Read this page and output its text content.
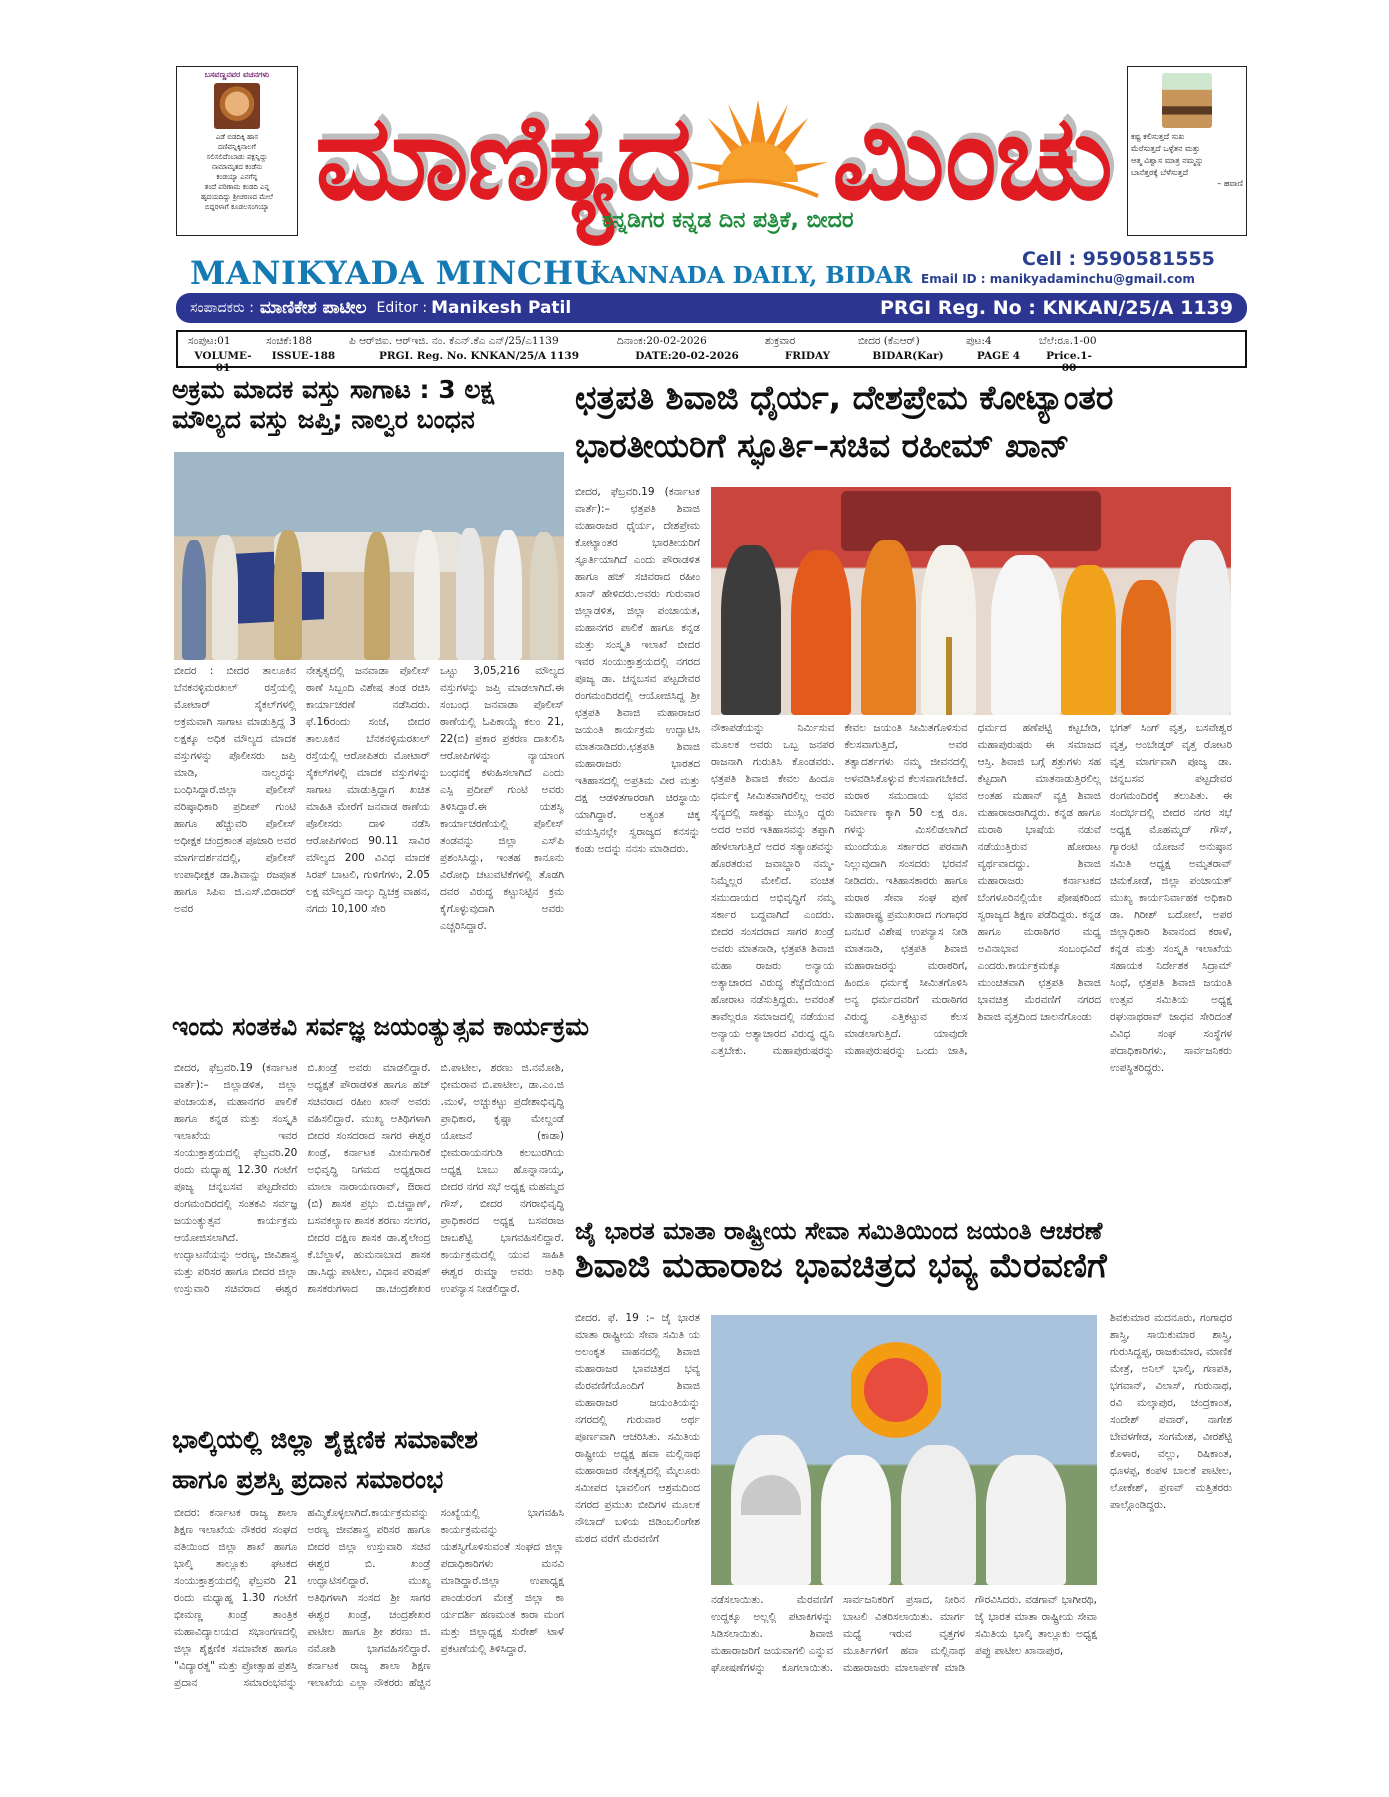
ಬಸವಣ್ಣನವರ ವಚನಗಳು
ಎಡೆ ಬಿಡದಿಕ್ಕಿ ಹಾಸ
ದಣಿವನ್ನಿಕ್ಕಿನಾಲಗೆ
ಸಲಿಸಲಿದೆಂಬಾಡು ಪಕ್ಷನ್ನಿದ್ದು
ನಾಮಾಮೃತದ ಕಂಡೆನು
ಕಂಡಯ್ಯಾ ಎನಗೆನ್ನ
ತಂದೆ ಪರಿಣಾಮ ಕಂಡದಿ ಎನ್ನ
ಹೃದಯದಿದ್ದು ಶ್ರೀಚರಣದ ಮೇಲೆ
ಬಿದ್ದರಳಾಗೆ ಕೂಡಲಸಂಗಯ್ಯಾ ಮಾಣಿಕ್ಯದ ಮಿಂಚು
ಕನ್ನಡಿಗರ ಕನ್ನಡ ದಿನ ಪತ್ರಿಕೆ, ಬೀದರ
ಕಷ್ಟ ಕಲಿಸುತ್ತದೆ ಸುಖ
ಮೆರೆಸುತ್ತದೆ ಒಳ್ಳೆತನ ಮತ್ತು
ಆತ್ಮ ವಿಶ್ವಾಸ ಮಾತ್ರ ನಮ್ಮನ್ನು
ಬಾನೆತ್ತರಕ್ಕೆ ಬೆಳೆಸುತ್ತದೆ
– ಹವಾಣಿ
MANIKYADA MINCHU
KANNADA DAILY, BIDAR
Cell : 9590581555
Email ID : manikyadaminchu@gmail.com
ಸಂಪಾದಕರು : ಮಾಣಿಕೇಶ ಪಾಟೀಲ Editor : Manikesh Patil	PRGI Reg. No : KNKAN/25/A 1139
ಸಂಪುಟ:01	ಸಂಚಿಕೆ:188	ಪಿ ಆರ್‌ಜಿಐ. ಆರ್‌ಇಜಿ. ನಂ. ಕೆಎನ್.ಕೆಎ ಎನ್/25/ಎ1139	ದಿನಾಂಕ:20-02-2026	ಶುಕ್ರವಾರ	ಬೀದರ (ಕೆಎಆರ್)	ಪುಟ:4	ಬೆಲೆ:ರೂ.1-00
VOLUME-01
ISSUE-188	PRGI. Reg. No. KNKAN/25/A 1139	DATE:20-02-2026	FRIDAY	BIDAR(Kar)	PAGE 4	Price.1-00
ಅಕ್ರಮ ಮಾದಕ ವಸ್ತು ಸಾಗಾಟ : 3 ಲಕ್ಷ
ಮೌಲ್ಯದ ವಸ್ತು ಜಪ್ತಿ; ನಾಲ್ವರ ಬಂಧನ
ಬೀದರ : ಬೀದರ ತಾಲೂಕಿನ ಬೆನಕನಳ್ಳಿಮರಖಲ್ ರಸ್ತೆಯಲ್ಲಿ ಮೋಟಾರ್ ಸೈಕಲ್‌ಗಳಲ್ಲಿ ಅಕ್ರಮವಾಗಿ ಸಾಗಾಟ ಮಾಡುತ್ತಿದ್ದ 3 ಲಕ್ಷಕ್ಕೂ ಅಧಿಕ ಮೌಲ್ಯದ ಮಾದಕ ವಸ್ತುಗಳನ್ನು ಪೊಲೀಸರು ಜಪ್ತಿ ಮಾಡಿ, ನಾಲ್ವರನ್ನು ಬಂಧಿಸಿದ್ದಾರೆ.ಜಿಲ್ಲಾ ಪೊಲೀಸ್ ವರಿಷ್ಠಾಧಿಕಾರಿ ಪ್ರದೀಪ್ ಗುಂಟಿ ಹಾಗೂ ಹೆಚ್ಚುವರಿ ಪೊಲೀಸ್ ಅಧೀಕ್ಷಕ ಚಂದ್ರಕಾಂತ ಪೂಜಾರಿ ಅವರ ಮಾರ್ಗದರ್ಶನದಲ್ಲಿ, ಪೊಲೀಸ್ ಉಪಾಧೀಕ್ಷಕ ಡಾ.ಶಿವಾನ್ಷು ರಜಪೂತ ಹಾಗೂ ಸಿಪಿಐ ಜಿ.ಎಸ್.ಬಿರಾದರ್ ಅವರ
ನೇತೃತ್ವದಲ್ಲಿ ಜನವಾಡಾ ಪೊಲೀಸ್ ಠಾಣೆ ಸಿಬ್ಬಂದಿ ವಿಶೇಷ ತಂಡ ರಚಿಸಿ ಕಾರ್ಯಾಚರಣೆ ನಡೆಸಿದರು. ಫೆ.16ರಂದು ಸಂಜೆ, ಬೀದರ ತಾಲೂಕಿನ ಬೆನಕನಳ್ಳಿಮರಖಲ್ ರಸ್ತೆಯಲ್ಲಿ ಆರೋಪಿತರು ಮೋಟಾರ್ ಸೈಕಲ್‌ಗಳಲ್ಲಿ ಮಾದಕ ವಸ್ತುಗಳನ್ನು ಸಾಗಾಟ ಮಾಡುತ್ತಿದ್ದಾಗ ಖಚಿತ ಮಾಹಿತಿ ಮೇರೆಗೆ ಜನವಾಡ ಠಾಣೆಯ ಪೊಲೀಸರು ದಾಳಿ ನಡೆಸಿ ಆರೋಪಿಗಳಿಂದ 90.11 ಸಾವಿರ ಮೌಲ್ಯದ 200 ವಿವಿಧ ಮಾದಕ ಸಿರಪ್ ಬಾಟಲಿ, ಗುಳಿಗೆಗಳು, 2.05 ಲಕ್ಷ ಮೌಲ್ಯದ ನಾಲ್ಕು ದ್ವಿಚಕ್ರ ವಾಹನ, ನಗದು 10,100 ಸೇರಿ
ಒಟ್ಟು 3,05,216 ಮೌಲ್ಯದ ವಸ್ತುಗಳನ್ನು ಜಪ್ತಿ ಮಾಡಲಾಗಿದೆ.ಈ ಸಂಬಂಧ ಜನವಾಡಾ ಪೊಲೀಸ್ ಠಾಣೆಯಲ್ಲಿ ಓಪಿಕಾಯ್ದೆ ಕಲಂ 21, 22(ಬಿ) ಪ್ರಕಾರ ಪ್ರಕರಣ ದಾಖಲಿಸಿ ಆರೋಪಿಗಳನ್ನು ನ್ಯಾಯಾಂಗ ಬಂಧನಕ್ಕೆ ಕಳುಹಿಸಲಾಗಿದೆ ಎಂದು ಎಸ್ಪಿ ಪ್ರದೀಪ್ ಗುಂಟಿ ಅವರು ತಿಳಿಸಿದ್ದಾರೆ.ಈ ಯಶಸ್ವಿ ಕಾರ್ಯಾಚರಣೆಯಲ್ಲಿ ಪೊಲೀಸ್ ತಂಡವನ್ನು ಜಿಲ್ಲಾ ಎಸ್‌ಪಿ ಪ್ರಶಂಸಿಸಿದ್ದು, ಇಂತಹ ಕಾನೂನು ವಿರೋಧಿ ಚಟುವಟಿಕೆಗಳಲ್ಲಿ ತೊಡಗಿ ದವರ ವಿರುದ್ಧ ಕಟ್ಟುನಿಟ್ಟಿನ ಕ್ರಮ ಕೈಗೊಳ್ಳುವುದಾಗಿ ಅವರು ಎಚ್ಚರಿಸಿದ್ದಾರೆ.
ಛತ್ರಪತಿ ಶಿವಾಜಿ ಧೈರ್ಯ, ದೇಶಪ್ರೇಮ ಕೋಟ್ಯಾಂತರ
ಭಾರತೀಯರಿಗೆ ಸ್ಫೂರ್ತಿ–ಸಚಿವ ರಹೀಮ್ ಖಾನ್
ಬೀದರ, ಫೆಬ್ರವರಿ.19 (ಕರ್ನಾಟಕ ವಾರ್ತೆ):– ಛತ್ರಪತಿ ಶಿವಾಜಿ ಮಹಾರಾಜರ ಧೈರ್ಯ, ದೇಶಪ್ರೇಮ ಕೋಟ್ಯಾಂತರ ಭಾರತೀಯರಿಗೆ ಸ್ಫೂರ್ತಿಯಾಗಿದೆ ಎಂದು ಪೌರಾಡಳಿತ ಹಾಗೂ ಹಜ್ ಸಚಿವರಾದ ರಹೀಂ ಖಾನ್ ಹೇಳಿದರು.ಅವರು ಗುರುವಾರ ಜಿಲ್ಲಾಡಳಿತ, ಜಿಲ್ಲಾ ಪಂಚಾಯತ, ಮಹಾನಗರ ಪಾಲಿಕೆ ಹಾಗೂ ಕನ್ನಡ ಮತ್ತು ಸಂಸ್ಕೃತಿ ಇಲಾಖೆ ಬೀದರ ಇವರ ಸಂಯುಕ್ತಾಶ್ರಯದಲ್ಲಿ ನಗರದ ಪೂಜ್ಯ ಡಾ. ಚನ್ನಬಸವ ಪಟ್ಟದೇವರ ರಂಗಮಂದಿರದಲ್ಲಿ ಆಯೋಜಿಸಿದ್ದ ಶ್ರೀ ಛತ್ರಪತಿ ಶಿವಾಜಿ ಮಹಾರಾಜರ ಜಯಂತಿ ಕಾರ್ಯಕ್ರಮ ಉದ್ಘಾಟಿಸಿ ಮಾತನಾಡಿದರು.ಛತ್ರಪತಿ ಶಿವಾಜಿ ಮಹಾರಾಜರು ಭಾರತದ ಇತಿಹಾಸದಲ್ಲಿ ಅಪ್ರತಿಮ ವೀರ ಮತ್ತು ದಕ್ಷ ಆಡಳಿತಗಾರರಾಗಿ ಚಿರಸ್ಥಾಯಿ ಯಾಗಿದ್ದಾರೆ. ಅತ್ಯಂತ ಚಿಕ್ಕ ವಯಸ್ಸಿನಲ್ಲೇ ಸ್ವರಾಜ್ಯದ ಕನಸನ್ನು ಕಂಡು ಅದನ್ನು ನನಸು ಮಾಡಿದರು.
ನೌಕಾಪಡೆಯನ್ನು ನಿರ್ಮಿಸುವ ಮೂಲಕ ಅವರು ಒಬ್ಬ ಜನಪರ ರಾಜನಾಗಿ ಗುರುತಿಸಿ ಕೊಂಡವರು. ಛತ್ರಪತಿ ಶಿವಾಜಿ ಕೇವಲ ಹಿಂದೂ ಧರ್ಮಕ್ಕೆ ಸೀಮಿತವಾಗಿರಲಿಲ್ಲ ಅವರ ಸೈನ್ಯದಲ್ಲಿ ಸಾಕಷ್ಟು ಮುಸ್ಲಿಂ ದ್ದರು ಅದರ ಅವರ ಇತಿಹಾಸವನ್ನು ತಪ್ಪಾಗಿ ಹೇಳಲಾಗುತ್ತಿದೆ ಅದರ ಸತ್ಯಾಂಶವನ್ನು ಹೊರತರುವ ಜವಾಬ್ದಾರಿ ನಮ್ಮ-ನಿಮ್ಮೆಲ್ಲರ ಮೇಲಿದೆ. ವಂಚಿತ ಸಮುದಾಯದ ಅಭಿವೃದ್ಧಿಗೆ ನಮ್ಮ ಸರ್ಕಾರ ಬದ್ಧವಾಗಿದೆ ಎಂದರು. ಬೀದರ ಸಂಸದರಾದ ಸಾಗರ ಖಂಡ್ರೆ ಅವರು ಮಾತನಾಡಿ, ಛತ್ರಪತಿ ಶಿವಾಜಿ ಮಹಾ ರಾಜರು ಅನ್ಯಾಯ ಅತ್ಯಾಚಾರದ ವಿರುದ್ಧ ಕೆಚ್ಚೆದೆಯಿಂದ ಹೋರಾಟ ನಡೆಸುತ್ತಿದ್ದರು. ಅವರಂತೆ ತಾವೆಲ್ಲರೂ ಸಮಾಜದಲ್ಲಿ ನಡೆಯುವ ಅನ್ಯಾಯ ಅತ್ಯಾಚಾರದ ವಿರುದ್ಧ ಧ್ವನಿ ಎತ್ತಬೇಕು. ಮಹಾಪುರುಷರನ್ನು ಕೇವಲ ಜಯಂತಿ ಸೀಮಿತಗೊಳಿಸುವ ಕೆಲಸವಾಗುತ್ತಿದೆ, ಅವರ ತತ್ವಾದರ್ಶಗಳು ನಮ್ಮ ಜೀವನದಲ್ಲಿ ಅಳವಡಿಸಿಕೊಳ್ಳುವ ಕೆಲಸವಾಗಬೇಕಿದೆ. ಮರಾಠ ಸಮುದಾಯ ಭವನ ನಿರ್ಮಾಣ ಕ್ಕಾಗಿ 50 ಲಕ್ಷ ರೂ. ಗಳನ್ನು ಮಿಸಲಿಡಲಾಗಿದೆ ಮುಂದೆಯೂ ಸರ್ಕಾರದ ಪರವಾಗಿ ನಿಲ್ಲುವುದಾಗಿ ಸಂಸದರು ಭರವಸೆ ನೀಡಿದರು. ಇತಿಹಾಸಕಾರರು ಹಾಗೂ ಮರಾಠ ಸೇವಾ ಸಂಘ ಪುಣೆ ಮಹಾರಾಷ್ಟ್ರ ಪ್ರಮುಖರಾದ ಗಂಗಾಧರ ಬನಬರೆ ವಿಶೇಷ ಉಪನ್ಯಾಸ ನೀಡಿ ಮಾತನಾಡಿ, ಛತ್ರಪತಿ ಶಿವಾಜಿ ಮಹಾರಾಜರನ್ನು ಮರಾಠರಿಗೆ, ಹಿಂದೂ ಧರ್ಮಕ್ಕೆ ಸೀಮಿತಗೊಳಿಸಿ ಅನ್ಯ ಧರ್ಮದವರಿಗೆ ಮರಾಠಿಗರ ವಿರುದ್ಧ ಎತ್ತಿಕಟ್ಟುವ ಕೆಲಸ ಮಾಡಲಾಗುತ್ತಿದೆ. ಯಾವುದೇ ಮಹಾಪುರುಷರನ್ನು ಒಂದು ಜಾತಿ, ಧರ್ಮದ ಹಣೆಪಟ್ಟಿ ಕಟ್ಟಬೇಡಿ, ಮಹಾಪುರುಷರು ಈ ಸಮಾಜದ ಆಸ್ತಿ. ಶಿವಾಜಿ ಬಗ್ಗೆ ಶತ್ರುಗಳು ಸಹ ಕೆಟ್ಟದಾಗಿ ಮಾತನಾಡುತ್ತಿರಲಿಲ್ಲ ಅಂತಹ ಮಹಾನ್ ವ್ಯಕ್ತಿ ಶಿವಾಜಿ ಮಹಾರಾಜರಾಗಿದ್ದರು. ಕನ್ನಡ ಹಾಗೂ ಮರಾಠಿ ಭಾಷೆಯ ನಡುವೆ ನಡೆಯುತ್ತಿರುವ ಹೋರಾಟ ವ್ಯರ್ಥವಾದದ್ದು. ಶಿವಾಜಿ ಮಹಾರಾಜರು ಕರ್ನಾಟಕದ ಬೆಂಗಳೂರಿನಲ್ಲಿಯೇ ಪೋಷಕರಿಂದ ಸ್ವರಾಜ್ಯದ ಶಿಕ್ಷಣ ಪಡೆದಿದ್ದರು. ಕನ್ನಡ ಹಾಗೂ ಮರಾಠಿಗರ ಮಧ್ಯ ಅವಿನಾಭಾವ ಸಂಬಂಧವಿದೆ ಎಂದರು.ಕಾರ್ಯಕ್ರಮಕ್ಕೂ ಮುಂಚಿತವಾಗಿ ಛತ್ರಪತಿ ಶಿವಾಜಿ ಭಾವಚಿತ್ರ ಮೆರವಣಿಗೆ ನಗರದ ಶಿವಾಜಿ ವೃತ್ತದಿಂದ ಚಾಲನೆಗೊಂಡು
ಭಗತ್ ಸಿಂಗ್ ವೃತ್ತ, ಬಸವೇಶ್ವರ ವೃತ್ತ, ಅಂಬೇಡ್ಕರ್ ವೃತ್ತ ರೋಟರಿ ವೃತ್ತ ಮಾರ್ಗವಾಗಿ ಪೂಜ್ಯ ಡಾ. ಚನ್ನಬಸವ ಪಟ್ಟದೇವರ ರಂಗಮಂದಿರಕ್ಕೆ ತಲುಪಿತು. ಈ ಸಂದರ್ಭದಲ್ಲಿ ಬೀದರ ನಗರ ಸಭೆ ಅಧ್ಯಕ್ಷ ಮೊಹಮ್ಮದ್ ಗೌಸ್, ಗ್ಯಾರಂಟಿ ಯೋಜನೆ ಅನುಷ್ಠಾನ ಸಮಿತಿ ಅಧ್ಯಕ್ಷ ಅಮೃತರಾವ್ ಚಿಮಕೋಡೆ, ಜಿಲ್ಲಾ ಪಂಚಾಯತ್ ಮುಖ್ಯ ಕಾರ್ಯನಿರ್ವಾಹಕ ಅಧಿಕಾರಿ ಡಾ. ಗಿರೀಶ್ ಬದೋಲೆ, ಅಪರ ಜಿಲ್ಲಾಧಿಕಾರಿ ಶಿವಾನಂದ ಕರಾಳೆ, ಕನ್ನಡ ಮತ್ತು ಸಂಸ್ಕೃತಿ ಇಲಾಖೆಯ ಸಹಾಯಕ ನಿರ್ದೇಶಕ ಸಿದ್ರಾಮ್ ಸಿಂಧೆ, ಛತ್ರಪತಿ ಶಿವಾಜಿ ಜಯಂತಿ ಉತ್ಸವ ಸಮಿತಿಯ ಅಧ್ಯಕ್ಷ ರಘುನಾಥರಾವ್ ಜಾಧವ ಸೇರಿದಂತೆ ವಿವಿಧ ಸಂಘ ಸಂಸ್ಥೆಗಳ ಪದಾಧಿಕಾರಿಗಳು, ಸಾರ್ವಜನಿಕರು ಉಪಸ್ಥಿತರಿದ್ದರು.
ಇಂದು ಸಂತಕವಿ ಸರ್ವಜ್ಞ ಜಯಂತ್ಯುತ್ಸವ ಕಾರ್ಯಕ್ರಮ
ಬೀದರ, ಫೆಬ್ರವರಿ.19 (ಕರ್ನಾಟಕ ವಾರ್ತೆ):– ಜಿಲ್ಲಾಡಳಿತ, ಜಿಲ್ಲಾ ಪಂಚಾಯತ, ಮಹಾನಗರ ಪಾಲಿಕೆ ಹಾಗೂ ಕನ್ನಡ ಮತ್ತು ಸಂಸ್ಕೃತಿ ಇಲಾಖೆಯ ಇವರ ಸಂಯುಕ್ತಾಶ್ರಯದಲ್ಲಿ ಫೆಬ್ರವರಿ.20 ರಂದು ಮಧ್ಯಾಹ್ನ 12.30 ಗಂಟೆಗೆ ಪೂಜ್ಯ ಚನ್ನಬಸವ ಪಟ್ಟದೇವರು ರಂಗಮಂದಿರದಲ್ಲಿ ಸಂತಕವಿ ಸರ್ವಜ್ಞ ಜಯಂತ್ಯುತ್ಸವ ಕಾರ್ಯಕ್ರಮ ಆಯೋಜಿಸಲಾಗಿದೆ. ಉದ್ಘಾಟನೆಯನ್ನು ಅರಣ್ಯ, ಜೀವಿಶಾಸ್ತ್ರ ಮತ್ತು ಪರಿಸರ ಹಾಗೂ ಬೀದರ ಜಿಲ್ಲಾ ಉಸ್ತುವಾರಿ ಸಚಿವರಾದ ಈಶ್ವರ ಬಿ.ಖಂಡ್ರೆ ಅವರು ಮಾಡಲಿದ್ದಾರೆ. ಅಧ್ಯಕ್ಷತೆ ಪೌರಾಡಳಿತ ಹಾಗೂ ಹಜ್ ಸಚಿವರಾದ ರಹೀಂ ಖಾನ್ ಅವರು ವಹಿಸಲಿದ್ದಾರೆ. ಮುಖ್ಯ ಅತಿಥಿಗಳಾಗಿ ಬೀದರ ಸಂಸದರಾದ ಸಾಗರ ಈಶ್ವರ ಖಂಡ್ರೆ, ಕರ್ನಾಟಕ ಮೀನುಗಾರಿಕೆ ಅಭಿವೃದ್ಧಿ ನಿಗಮದ ಅಧ್ಯಕ್ಷರಾದ ಮಾಲಾ ನಾರಾಯಣರಾವ್, ಔರಾದ (ಬಿ) ಶಾಸಕ ಪ್ರಭು ಬಿ.ಚವ್ಹಾಣ್, ಬಸವಕಲ್ಯಾಣ ಶಾಸಕ ಶರಣು ಸಲಗರ, ಬೀದರ ದಕ್ಷಿಣ ಶಾಸಕ ಡಾ.ಶೈಲೇಂದ್ರ ಕೆ.ಬೆಲ್ದಾಳೆ, ಹುಮನಾಬಾದ ಶಾಸಕ ಡಾ.ಸಿದ್ದು ಪಾಟೀಲ, ವಿಧಾನ ಪರಿಷತ್ ಶಾಸಕರುಗಳಾದ ಡಾ.ಚಂದ್ರಶೇಖರ ಬಿ.ಪಾಟೀಲ, ಶರಣು ಜಿ.ನಮೋಶಿ, ಭೀಮರಾವ ಬಿ.ಪಾಟೀಲ, ಡಾ.ಎಂ.ಜಿ .ಮುಳೆ, ಅಚ್ಚುಕಟ್ಟು ಪ್ರದೇಶಾಭಿವೃದ್ಧಿ ಪ್ರಾಧಿಕಾರ, ಕೃಷ್ಣಾ ಮೇಲ್ದಂಡೆ ಯೋಜನೆ (ಕಾಡಾ) ಭೀಮರಾಯನಗುಡಿ ಕಲಬುರಗಿಯ ಅಧ್ಯಕ್ಷ ಬಾಬು ಹೊನ್ನಾನಾಯ್ಕ, ಬೀದರ ನಗರ ಸಭೆ ಅಧ್ಯಕ್ಷ ಮಹಮ್ಮದ ಗೌಸ್, ಬೀದರ ನಗರಾಭಿವೃದ್ಧಿ ಪ್ರಾಧಿಕಾರದ ಅಧ್ಯಕ್ಷ ಬಸವರಾಜ ಜಾಬಶೆಟ್ಟಿ ಭಾಗವಹಿಸಲಿದ್ದಾರೆ. ಕಾರ್ಯಕ್ರಮದಲ್ಲಿ ಯುವ ಸಾಹಿತಿ ಈಶ್ವರ ರುಮ್ಮಾ ಅವರು ಅತಿಥಿ ಉಪನ್ಯಾಸ ನೀಡಲಿದ್ದಾರೆ.
ಭಾಲ್ಕಿಯಲ್ಲಿ ಜಿಲ್ಲಾ ಶೈಕ್ಷಣಿಕ ಸಮಾವೇಶ
ಹಾಗೂ ಪ್ರಶಸ್ತಿ ಪ್ರದಾನ ಸಮಾರಂಭ
ಬೀದರ: ಕರ್ನಾಟಕ ರಾಜ್ಯ ಶಾಲಾ ಶಿಕ್ಷಣ ಇಲಾಖೆಯ ನೌಕರರ ಸಂಘದ ವತಿಯಿಂದ ಜಿಲ್ಲಾ ಶಾಖೆ ಹಾಗೂ ಭಾಲ್ಕಿ ತಾಲ್ಲೂಕು ಘಟಕದ ಸಂಯುಕ್ತಾಶ್ರಯದಲ್ಲಿ ಫೆಬ್ರವರಿ 21 ರಂದು ಮಧ್ಯಾಹ್ನ 1.30 ಗಂಟೆಗೆ ಭೀಮಣ್ಣ ಖಂಡ್ರೆ ತಾಂತ್ರಿಕ ಮಹಾವಿದ್ಯಾಲಯದ ಸಭಾಂಗಣದಲ್ಲಿ ಜಿಲ್ಲಾ ಶೈಕ್ಷಣಿಕ ಸಮಾವೇಶ ಹಾಗೂ "ವಿದ್ಯಾರತ್ನ" ಮತ್ತು ಪ್ರೋತ್ಸಾಹ ಪ್ರಶಸ್ತಿ ಪ್ರದಾನ ಸಮಾರಂಭವನ್ನು ಹಮ್ಮಿಕೊಳ್ಳಲಾಗಿದೆ.ಕಾರ್ಯಕ್ರಮವನ್ನು ಅರಣ್ಯ ಜೀವಶಾಸ್ತ್ರ ಪರಿಸರ ಹಾಗೂ ಬೀದರ ಜಿಲ್ಲಾ ಉಸ್ತುವಾರಿ ಸಚಿವ ಈಶ್ವರ ಬಿ. ಖಂಡ್ರೆ ಉದ್ಘಾಟಿಸಲಿದ್ದಾರೆ. ಮುಖ್ಯ ಅತಿಥಿಗಳಾಗಿ ಸಂಸದ ಶ್ರೀ ಸಾಗರ ಈಶ್ವರ ಖಂಡ್ರೆ, ಚಂದ್ರಶೇಖರ ಪಾಟೀಲ ಹಾಗೂ ಶ್ರೀ ಶರಣು ಜಿ. ನಮೋಶಿ ಭಾಗವಹಿಸಲಿದ್ದಾರೆ. ಕರ್ನಾಟಕ ರಾಜ್ಯ ಶಾಲಾ ಶಿಕ್ಷಣ ಇಲಾಖೆಯ ಎಲ್ಲಾ ನೌಕರರು ಹೆಚ್ಚಿನ ಸಂಖ್ಯೆಯಲ್ಲಿ ಭಾಗವಹಿಸಿ ಕಾರ್ಯಕ್ರಮವನ್ನು ಯಶಸ್ವಿಗೊಳಿಸುವಂತೆ ಸಂಘದ ಜಿಲ್ಲಾ ಪದಾಧಿಕಾರಿಗಳು ಮನವಿ ಮಾಡಿದ್ದಾರೆ.ಜಿಲ್ಲಾ ಉಪಾಧ್ಯಕ್ಷ ಪಾಂಡುರಂಗ ಮೇತ್ರೆ ಜಿಲ್ಲಾ ಕಾ ರ್ಯದರ್ಶಿ ಹಣಮಂತ ಕಾರಾ ಮಂಗ ಮತ್ತು ಜಿಲ್ಲಾಧ್ಯಕ್ಷ ಸುರೇಶ್ ಟಾಳೆ ಪ್ರಕಟಣೆಯಲ್ಲಿ ತಿಳಿಸಿದ್ದಾರೆ.
ಜೈ ಭಾರತ ಮಾತಾ ರಾಷ್ಟ್ರೀಯ ಸೇವಾ ಸಮಿತಿಯಿಂದ ಜಯಂತಿ ಆಚರಣೆ
ಶಿವಾಜಿ ಮಹಾರಾಜ ಭಾವಚಿತ್ರದ ಭವ್ಯ ಮೆರವಣಿಗೆ
ಬೀದರ. ಫೆ. 19 :– ಜೈ ಭಾರತ ಮಾತಾ ರಾಷ್ಟ್ರೀಯ ಸೇವಾ ಸಮಿತಿ ಯ ಅಲಂಕೃತ ವಾಹನದಲ್ಲಿ ಶಿವಾಜಿ ಮಹಾರಾಜರ ಭಾವಚಿತ್ರದ ಭವ್ಯ ಮೆರವಣಿಗೆಯೊಂದಿಗೆ ಶಿವಾಜಿ ಮಹಾರಾಜರ ಜಯಂತಿಯನ್ನು ನಗರದಲ್ಲಿ ಗುರುವಾರ ಅರ್ಥ ಪೂರ್ಣವಾಗಿ ಆಚರಿಸಿತು. ಸಮಿತಿಯ ರಾಷ್ಟ್ರೀಯ ಅಧ್ಯಕ್ಷ ಹವಾ ಮಲ್ಲಿನಾಥ ಮಹಾರಾಜರ ನೇತೃತ್ವದಲ್ಲಿ ಮೈಲೂರು ಸಮೀಪದ ಭಾವಲಿಂಗ ಆಶ್ರಮದಿಂದ ನಗರದ ಪ್ರಮುಖ ಬೀದಿಗಳ ಮೂಲಕ ನೌಬಾದ್ ಬಳಿಯ ಜಿಡಿಂಬಲಿಂಗೇಶ ಮಠದ ವರೆಗೆ ಮೆರವಣಿಗೆ
ನಡೆಸಲಾಯಿತು. ಮೆರವಣಿಗೆ ಉದ್ದಕ್ಕೂ ಅಲ್ಲಲ್ಲಿ ಪಟಾಕಿಗಳನ್ನು ಸಿಡಿಸಲಾಯಿತು. ಶಿವಾಜಿ ಮಹಾರಾಜರಿಗೆ ಜಯವಾಗಲಿ ಎನ್ನುವ ಘೋಷಣೆಗಳನ್ನು ಕೂಗಲಾಯಿತು. ಸಾರ್ವಜನಿಕರಿಗೆ ಪ್ರಸಾದ, ನೀರಿನ ಬಾಟಲಿ ವಿತರಿಸಲಾಯಿತು. ಮಾರ್ಗ ಮಧ್ಯೆ ಇರುವ ವೃತ್ತಗಳ ಮೂರ್ತಿಗಳಿಗೆ ಹವಾ ಮಲ್ಲಿನಾಥ ಮಹಾರಾಜರು ಮಾಲಾರ್ಪಣೆ ಮಾಡಿ ಗೌರವಿಸಿದರು. ವಡಗಾವ್ ಭಾಗೀರಥಿ, ಜೈ ಭಾರತ ಮಾತಾ ರಾಷ್ಟ್ರೀಯ ಸೇವಾ ಸಮಿತಿಯ ಭಾಲ್ಕಿ ತಾಲ್ಲೂಕು ಅಧ್ಯಕ್ಷ ಪಪ್ಪು ಪಾಟೀಲ ಖಾನಾಪುರ,
ಶಿವಕುಮಾರ ಮದನೂರು, ಗಂಗಾಧರ ಶಾಸ್ತ್ರಿ, ಸಾಯಿಕುಮಾರ ಶಾಸ್ತ್ರಿ, ಗುರುಸಿದ್ದಪ್ಪ, ರಾಜಕುಮಾರ, ಮಾಣಿಕ ಮೇತ್ರೆ, ಅನಿಲ್ ಭಾಲ್ಕಿ, ಗಣಪತಿ, ಭಗವಾನ್, ವಿಲಾಸ್, ಗುರುನಾಥ, ರವಿ ಮಲ್ಕಾಪುರ, ಚಂದ್ರಕಾಂತ, ಸಂದೇಶ್ ಪವಾರ್, ನಾಗೇಶ ಬೇವಳಗೇಡ, ಸಂಗಮೇಶ, ವೀರಶೆಟ್ಟಿ ಕೊಳಾರ, ವಲ್ಲು, ರಿಷಿಕಾಂತ, ಧೂಳಪ್ಪ, ಕಂಪಳ ಬಾಲಕೆ ಪಾಟೀಲ, ಲೋಕೇಶ್, ಪ್ರಣವ್ ಮತ್ತಿತರರು ಪಾಲ್ಗೊಂಡಿದ್ದರು.
